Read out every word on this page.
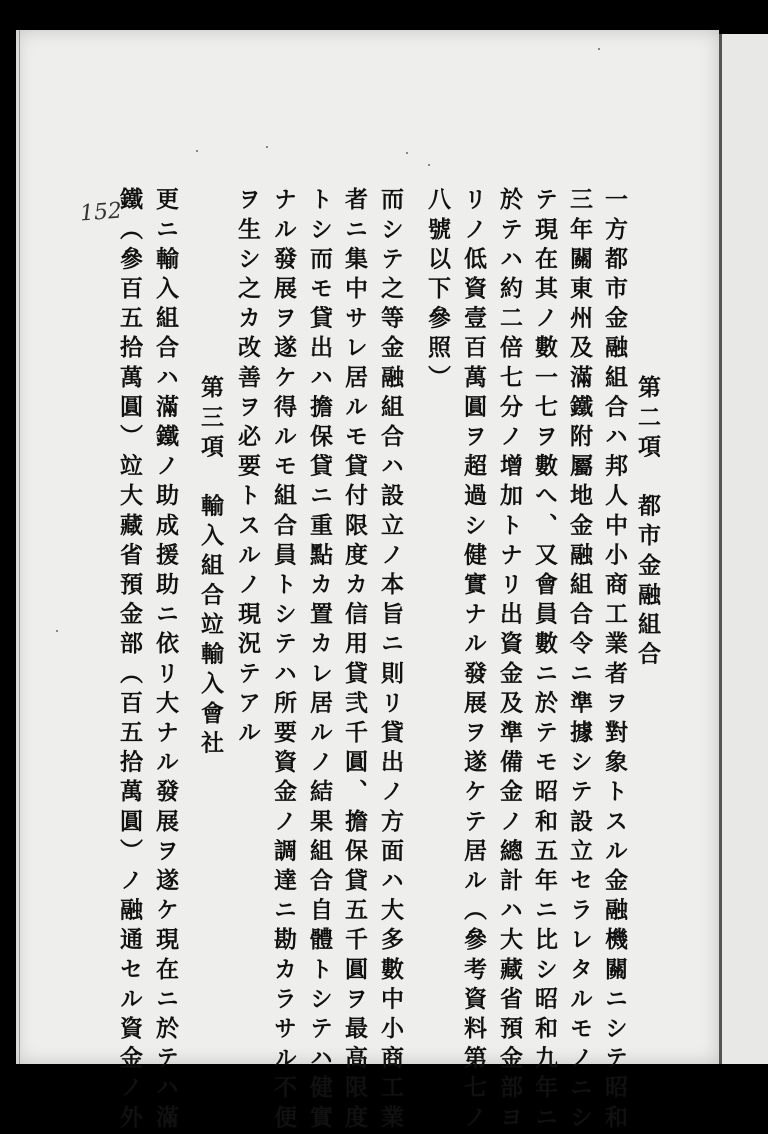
152
第二項　都市金融組合
一方都市金融組合ハ邦人中小商工業者ヲ對象トスル金融機關ニシテ昭和
三年關東州及滿鐵附屬地金融組合令ニ準據シテ設立セラレタルモノニシ
テ現在其ノ數一七ヲ數へ、又會員數ニ於テモ昭和五年ニ比シ昭和九年ニ
於テハ約二倍七分ノ增加トナリ出資金及準備金ノ總計ハ大藏省預金部ヨ
リノ低資壹百萬圓ヲ超過シ健實ナル發展ヲ遂ケテ居ル（參考資料第七ノ
八號以下參照）
而シテ之等金融組合ハ設立ノ本旨ニ則リ貸出ノ方面ハ大多數中小商工業
者ニ集中サレ居ルモ貸付限度カ信用貸弐千圓、擔保貸五千圓ヲ最高限度
トシ而モ貸出ハ擔保貸ニ重點カ置カレ居ルノ結果組合自體トシテハ健實
ナル發展ヲ遂ケ得ルモ組合員トシテハ所要資金ノ調達ニ勘カラサル不便
ヲ生シ之カ改善ヲ必要トスルノ現況テアル
第三項　輸入組合竝輸入會社
更ニ輸入組合ハ滿鐵ノ助成援助ニ依リ大ナル發展ヲ遂ケ現在ニ於テハ滿
鐵（參百五拾萬圓）竝大藏省預金部（百五拾萬圓）ノ融通セル資金ノ外
